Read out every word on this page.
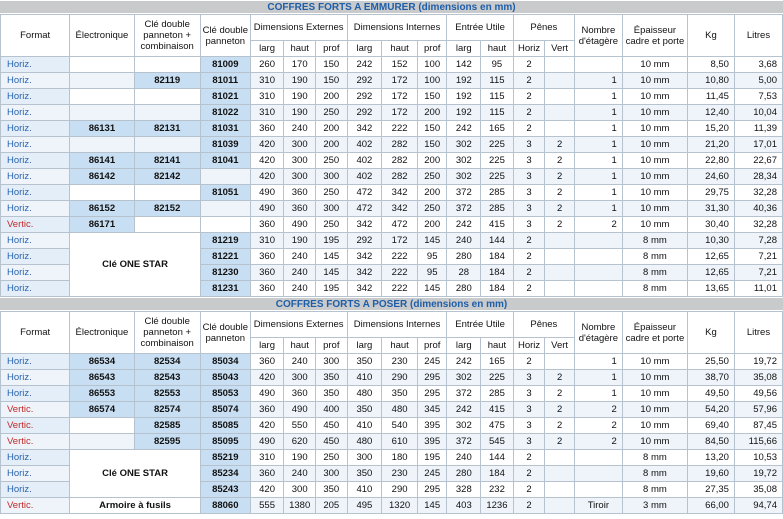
COFFRES FORTS A EMMURER (dimensions en mm)
Format	Électronique	Clé double panneton + combinaison	Clé double panneton	Dimensions Externes			Dimensions Internes			Entrée Utile		Pênes		Nombre d'étagère	Épaisseur cadre et porte	Kg	Litres
				larg	haut	prof	larg	haut	prof	larg	haut	Horiz	Vert				
Horiz.			81009	260	170	150	242	152	100	142	95	2			10 mm	8,50	3,68
Horiz.		82119	81011	310	190	150	292	172	100	192	115	2		1	10 mm	10,80	5,00
Horiz.			81021	310	190	200	292	172	150	192	115	2		1	10 mm	11,45	7,53
Horiz.			81022	310	190	250	292	172	200	192	115	2		1	10 mm	12,40	10,04
Horiz.	86131	82131	81031	360	240	200	342	222	150	242	165	2		1	10 mm	15,20	11,39
Horiz.			81039	420	300	200	402	282	150	302	225	3	2	1	10 mm	21,20	17,01
Horiz.	86141	82141	81041	420	300	250	402	282	200	302	225	3	2	1	10 mm	22,80	22,67
Horiz.	86142	82142		420	300	300	402	282	250	302	225	3	2	1	10 mm	24,60	28,34
Horiz.			81051	490	360	250	472	342	200	372	285	3	2	1	10 mm	29,75	32,28
Horiz.	86152	82152		490	360	300	472	342	250	372	285	3	2	1	10 mm	31,30	40,36
Vertic.	86171			360	490	250	342	472	200	242	415	3	2	2	10 mm	30,40	32,28
Horiz.	Clé ONE STAR		81219	310	190	195	292	172	145	240	144	2			8 mm	10,30	7,28
Horiz.			81221	360	240	145	342	222	95	280	184	2			8 mm	12,65	7,21
Horiz.			81230	360	240	145	342	222	95	28	184	2			8 mm	12,65	7,21
Horiz.			81231	360	240	195	342	222	145	280	184	2			8 mm	13,65	11,01
COFFRES FORTS A POSER (dimensions en mm)
Format	Électronique	Clé double panneton + combinaison	Clé double panneton	Dimensions Externes			Dimensions Internes			Entrée Utile		Pênes		Nombre d'étagère	Épaisseur cadre et porte	Kg	Litres
				larg	haut	prof	larg	haut	prof	larg	haut	Horiz	Vert				
Horiz.	86534	82534	85034	360	240	300	350	230	245	242	165	2		1	10 mm	25,50	19,72
Horiz.	86543	82543	85043	420	300	350	410	290	295	302	225	3	2	1	10 mm	38,70	35,08
Horiz.	86553	82553	85053	490	360	350	480	350	295	372	285	3	2	1	10 mm	49,50	49,56
Vertic.	86574	82574	85074	360	490	400	350	480	345	242	415	3	2	2	10 mm	54,20	57,96
Vertic.		82585	85085	420	550	450	410	540	395	302	475	3	2	2	10 mm	69,40	87,45
Vertic.		82595	85095	490	620	450	480	610	395	372	545	3	2	2	10 mm	84,50	115,66
Horiz.	Clé ONE STAR		85219	310	190	250	300	180	195	240	144	2			8 mm	13,20	10,53
Horiz.			85234	360	240	300	350	230	245	280	184	2			8 mm	19,60	19,72
Horiz.			85243	420	300	350	410	290	295	328	232	2			8 mm	27,35	35,08
Vertic.	Armoire à fusils		88060	555	1380	205	495	1320	145	403	1236	2		Tiroir	3 mm	66,00	94,74
